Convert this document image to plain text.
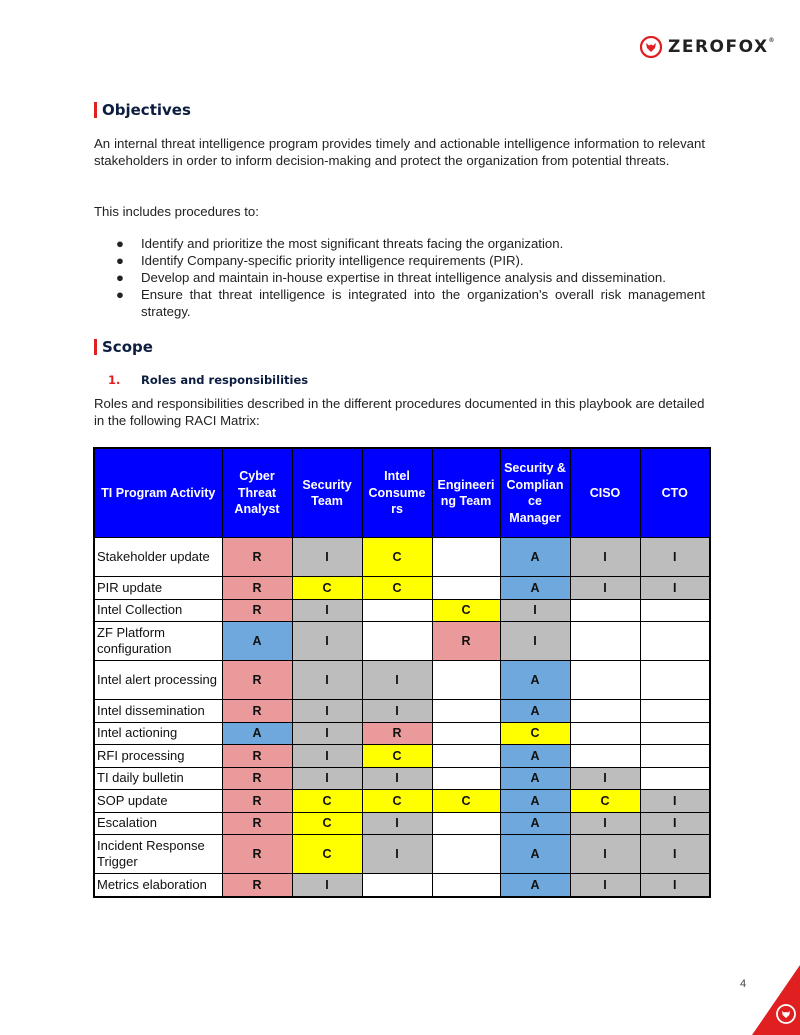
ZEROFOX®
Objectives
An internal threat intelligence program provides timely and actionable intelligence information to relevant stakeholders in order to inform decision-making and protect the organization from potential threats.
This includes procedures to:
● Identify and prioritize the most significant threats facing the organization.
● Identify Company-specific priority intelligence requirements (PIR).
● Develop and maintain in-house expertise in threat intelligence analysis and dissemination.
● Ensure that threat intelligence is integrated into the organization's overall risk management strategy.
Scope
1.	Roles and responsibilities
Roles and responsibilities described in the different procedures documented in this playbook are detailed in the following RACI Matrix:
TI Program Activity	Cyber Threat Analyst	Security Team	Intel Consume rs	Engineeri ng Team	Security & Complian ce Manager	CISO	CTO
Stakeholder update	R	I	C		A	I	I
PIR update	R	C	C		A	I	I
Intel Collection	R	I		C	I		
ZF Platform configuration	A	I		R	I		
Intel alert processing	R	I	I		A		
Intel dissemination	R	I	I		A		
Intel actioning	A	I	R		C		
RFI processing	R	I	C		A		
TI daily bulletin	R	I	I		A	I	
SOP update	R	C	C	C	A	C	I
Escalation	R	C	I		A	I	I
Incident Response Trigger	R	C	I		A	I	I
Metrics elaboration	R	I			A	I	I
4
